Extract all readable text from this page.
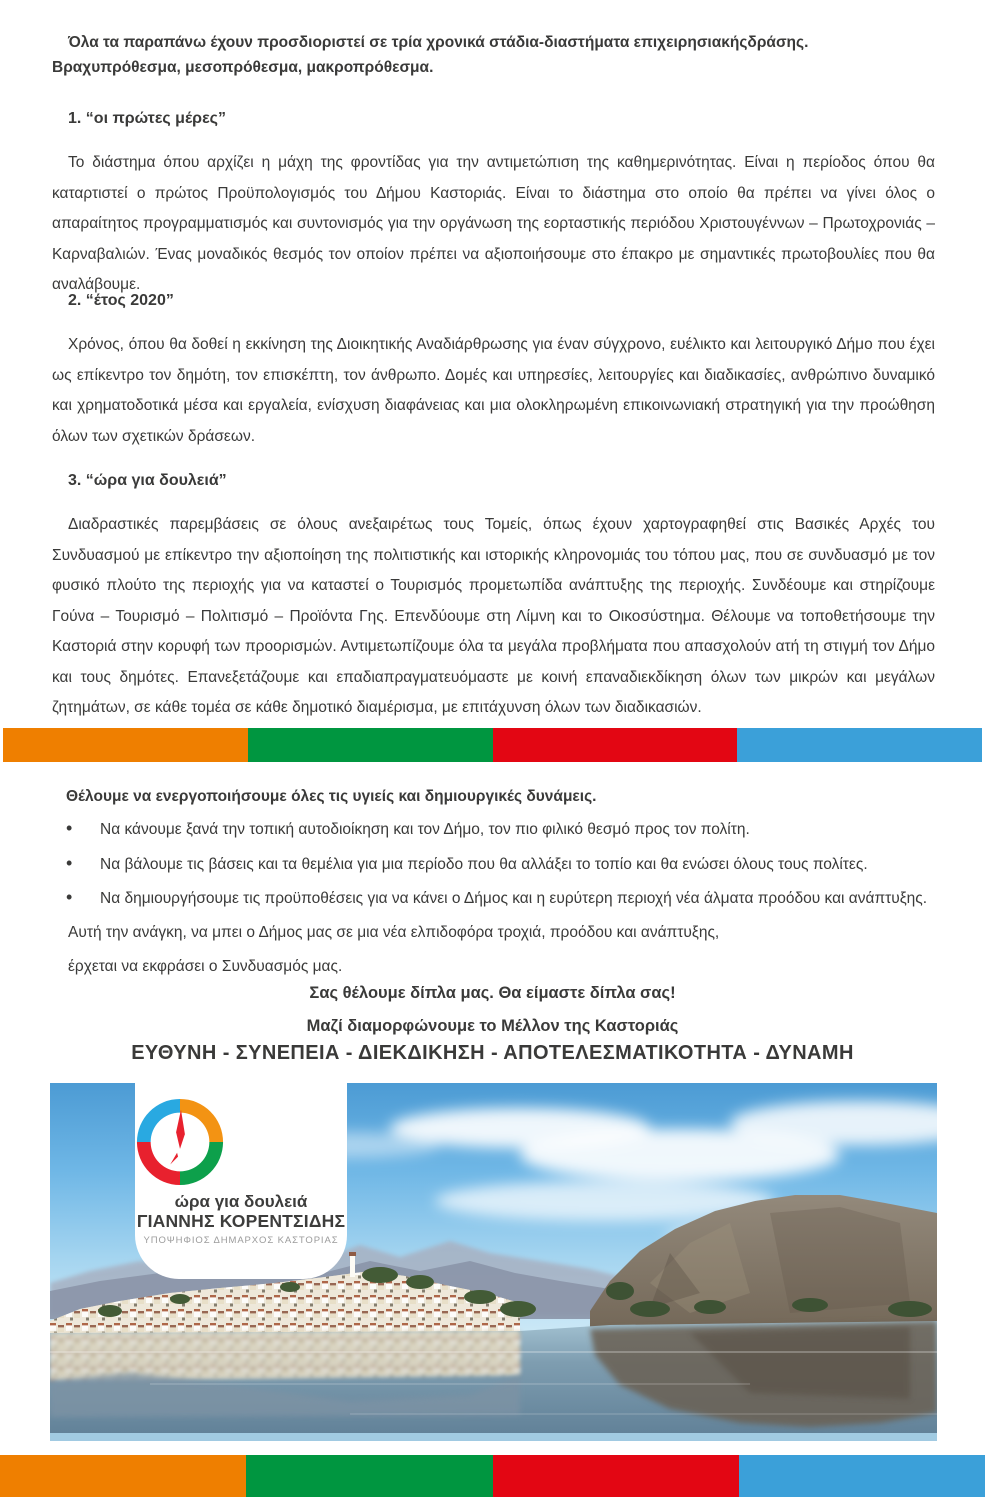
Όλα τα παραπάνω έχουν προσδιοριστεί σε τρία χρονικά στάδια-διαστήματα επιχειρησιακήςδράσης.
Βραχυπρόθεσμα, μεσοπρόθεσμα, μακροπρόθεσμα.
1. “οι πρώτες μέρες”
Το διάστημα όπου αρχίζει η μάχη της φροντίδας για την αντιμετώπιση της καθημερινότητας. Είναι η περίοδος όπου θα καταρτιστεί ο πρώτος Προϋπολογισμός του Δήμου Καστοριάς. Είναι το διάστημα στο οποίο θα πρέπει να γίνει όλος ο απαραίτητος προγραμματισμός και συντονισμός για την οργάνωση της εορταστικής περιόδου Χριστουγέννων – Πρωτοχρονιάς – Καρναβαλιών. Ένας μοναδικός θεσμός τον οποίον πρέπει να αξιοποιήσουμε στο έπακρο με σημαντικές πρωτοβουλίες που θα αναλάβουμε.
2. “έτος 2020”
Χρόνος, όπου θα δοθεί η εκκίνηση της Διοικητικής Αναδιάρθρωσης για έναν σύγχρονο, ευέλικτο και λειτουργικό Δήμο που έχει ως επίκεντρο τον δημότη, τον επισκέπτη, τον άνθρωπο. Δομές και υπηρεσίες, λειτουργίες και διαδικασίες, ανθρώπινο δυναμικό και χρηματοδοτικά μέσα και εργαλεία, ενίσχυση διαφάνειας και μια ολοκληρωμένη επικοινωνιακή στρατηγική για την προώθηση όλων των σχετικών δράσεων.
3. “ώρα για δουλειά”
Διαδραστικές παρεμβάσεις σε όλους ανεξαιρέτως τους Τομείς, όπως έχουν χαρτογραφηθεί στις Βασικές Αρχές του Συνδυασμού με επίκεντρο την αξιοποίηση της πολιτιστικής και ιστορικής κληρονομιάς του τόπου μας, που σε συνδυασμό με τον φυσικό πλούτο της περιοχής για να καταστεί ο Τουρισμός προμετωπίδα ανάπτυξης της περιοχής. Συνδέουμε και στηρίζουμε Γούνα – Τουρισμό – Πολιτισμό – Προϊόντα Γης. Επενδύουμε στη Λίμνη και το Οικοσύστημα. Θέλουμε να τοποθετήσουμε την Καστοριά στην κορυφή των προορισμών. Αντιμετωπίζουμε όλα τα μεγάλα προβλήματα που απασχολούν ατή τη στιγμή τον Δήμο και τους δημότες. Επανεξετάζουμε και επαδιαπραγματευόμαστε με κοινή επαναδιεκδίκηση όλων των μικρών και μεγάλων ζητημάτων, σε κάθε τομέα σε κάθε δημοτικό διαμέρισμα, με επιτάχυνση όλων των διαδικασιών.
Θέλουμε να ενεργοποιήσουμε όλες τις υγιείς και δημιουργικές δυνάμεις.
• Να κάνουμε ξανά την τοπική αυτοδιοίκηση και τον Δήμο, τον πιο φιλικό θεσμό προς τον πολίτη.
• Να βάλουμε τις βάσεις και τα θεμέλια για μια περίοδο που θα αλλάξει το τοπίο και θα ενώσει όλους τους πολίτες.
• Να δημιουργήσουμε τις προϋποθέσεις για να κάνει ο Δήμος και η ευρύτερη περιοχή νέα άλματα προόδου και ανάπτυξης.
Αυτή την ανάγκη, να μπει ο Δήμος μας σε μια νέα ελπιδοφόρα τροχιά, προόδου και ανάπτυξης,
έρχεται να εκφράσει ο Συνδυασμός μας.
Σας θέλουμε δίπλα μας. Θα είμαστε δίπλα σας!
Μαζί διαμορφώνουμε το Μέλλον της Καστοριάς
ΕΥΘΥΝΗ - ΣΥΝΕΠΕΙΑ - ΔΙΕΚΔΙΚΗΣΗ - ΑΠΟΤΕΛΕΣΜΑΤΙΚΟΤΗΤΑ - ΔΥΝΑΜΗ
ώρα για δουλειά
ΓΙΑΝΝΗΣ ΚΟΡΕΝΤΣΙΔΗΣ
ΥΠΟΨΗΦΙΟΣ ΔΗΜΑΡΧΟΣ ΚΑΣΤΟΡΙΑΣ
